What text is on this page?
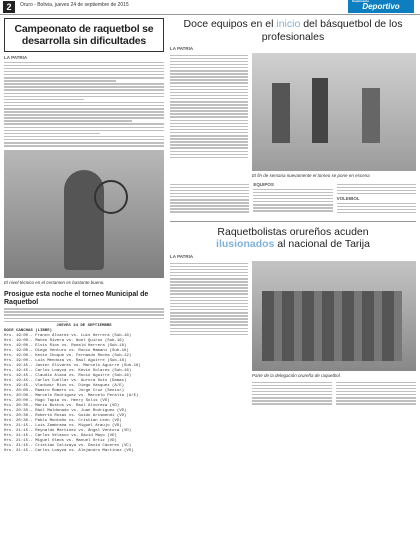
2	Oruro - Bolivia, jueves 24 de septiembre de 2015
Suplemento
Deportivo
Campeonato de raquetbol se desarrolla sin dificultades
LA PATRIA
El nivel técnico en el certamen es bastante bueno.
Prosigue esta noche el torneo Municipal de Raquetbol
JUEVES 24 DE SEPTIEMBRE
DOCE CANCHAS (LIBRE)
Hrs. 19:00.- Franco Álvarez vs. Luis Herrera (Sub-16)
Hrs. 19:00.- Mateo Rivera vs. Noel Quiroz (Sub-16)
Hrs. 19:00.- Elvis Ríos vs. Ronald Herrera (Sub-16)
Hrs. 19:00.- Diego Venturo vs. Rocío Mamani (Sub-16)
Hrs. 19:00.- Kevin Choque vs. Fernando Rocha (Sub-12)
Hrs. 19:00.- Luis Mendoza vs. Raúl Aguirre (Sub-16)
Hrs. 19:45.- Javier Olivares vs. Marcelo Aguirre (Sub-16)
Hrs. 19:45.- Carlos Loayza vs. Kevin Solares (Sub-16)
Hrs. 19:45.- Claudio Alaca vs. Roció Aguirre (Sub-16)
Hrs. 19:45.- Carlos Cuéllar vs. Aurora Soto (Damas)
Hrs. 19:45.- Vladimir Ríos vs. Diego Vásquez (A/E)
Hrs. 20:00.- Ramiro Romero vs. Jorge Cruz (Senior)
Hrs. 20:00.- Marcelo Rodríguez vs. Marcelo Peralta (A/E)
Hrs. 20:00.- Hugo Tapia vs. Henry Solís (VD)
Hrs. 20:30.- Mario Bustos vs. Raúl Alcoreza (VD)
Hrs. 20:30.- Raúl Maldonado vs. Juan Rodríguez (VD)
Hrs. 20:30.- Roberto Rosas vs. Guido Arismendi (VD)
Hrs. 20:30.- Pablo Montaño vs. Cristian León (VD)
Hrs. 21:15.- Luis Zambrana vs. Miguel Araujo (VD)
Hrs. 21:15.- Reynaldo Martínez vs. Ángel Ventura (VD)
Hrs. 21:15.- Carlos Velasco vs. David Mayo (VD)
Hrs. 21:15.- Miguel Olmos vs. Manuel Ortiz (VD)
Hrs. 21:15.- Cristian Calizaya vs. David Cáceres (VC)
Hrs. 21:15.- Carlos Loayza vs. Alejandro Martínez (VD)
Doce equipos en el inicio del básquetbol de los profesionales
LA PATRIA
El fin de semana nuevamente el torneo se pone en escena
EQUIPOS
VOLEIBOL
Raquetbolistas orureños acuden
ilusionados al nacional de Tarija
LA PATRIA
Parte de la delegación orureña de raquetbol
